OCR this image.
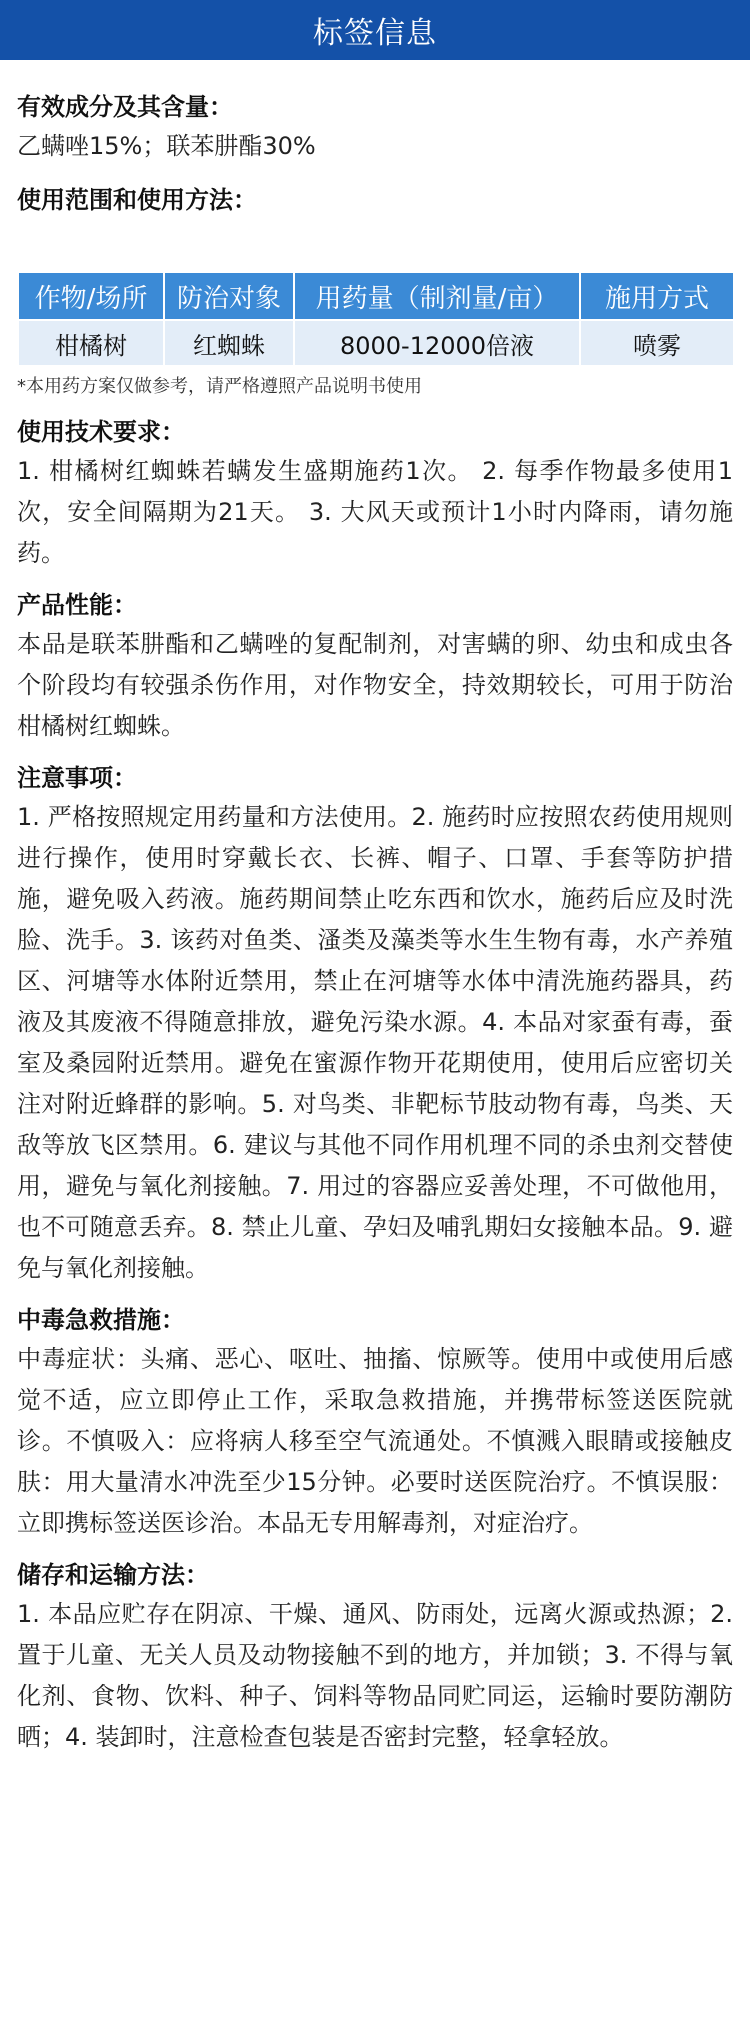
标签信息
有效成分及其含量：
乙螨唑15%；联苯肼酯30%
使用范围和使用方法：
作物/场所	防治对象	用药量（制剂量/亩）	施用方式
柑橘树	红蜘蛛	8000-12000倍液	喷雾
*本用药方案仅做参考，请严格遵照产品说明书使用
使用技术要求：
1. 柑橘树红蜘蛛若螨发生盛期施药1次。 2. 每季作物最多使用1次，安全间隔期为21天。 3. 大风天或预计1小时内降雨，请勿施药。
产品性能：
本品是联苯肼酯和乙螨唑的复配制剂，对害螨的卵、幼虫和成虫各个阶段均有较强杀伤作用，对作物安全，持效期较长，可用于防治柑橘树红蜘蛛。
注意事项：
1. 严格按照规定用药量和方法使用。2. 施药时应按照农药使用规则进行操作，使用时穿戴长衣、长裤、帽子、口罩、手套等防护措施，避免吸入药液。施药期间禁止吃东西和饮水，施药后应及时洗脸、洗手。3. 该药对鱼类、溞类及藻类等水生生物有毒，水产养殖区、河塘等水体附近禁用，禁止在河塘等水体中清洗施药器具，药液及其废液不得随意排放，避免污染水源。4. 本品对家蚕有毒，蚕室及桑园附近禁用。避免在蜜源作物开花期使用，使用后应密切关注对附近蜂群的影响。5. 对鸟类、非靶标节肢动物有毒，鸟类、天敌等放飞区禁用。6. 建议与其他不同作用机理不同的杀虫剂交替使用，避免与氧化剂接触。7. 用过的容器应妥善处理，不可做他用，也不可随意丢弃。8. 禁止儿童、孕妇及哺乳期妇女接触本品。9. 避免与氧化剂接触。
中毒急救措施：
中毒症状：头痛、恶心、呕吐、抽搐、惊厥等。使用中或使用后感觉不适，应立即停止工作，采取急救措施，并携带标签送医院就诊。不慎吸入：应将病人移至空气流通处。不慎溅入眼睛或接触皮肤：用大量清水冲洗至少15分钟。必要时送医院治疗。不慎误服：立即携标签送医诊治。本品无专用解毒剂，对症治疗。
储存和运输方法：
1. 本品应贮存在阴凉、干燥、通风、防雨处，远离火源或热源；2. 置于儿童、无关人员及动物接触不到的地方，并加锁；3. 不得与氧化剂、食物、饮料、种子、饲料等物品同贮同运，运输时要防潮防晒；4. 装卸时，注意检查包装是否密封完整，轻拿轻放。
